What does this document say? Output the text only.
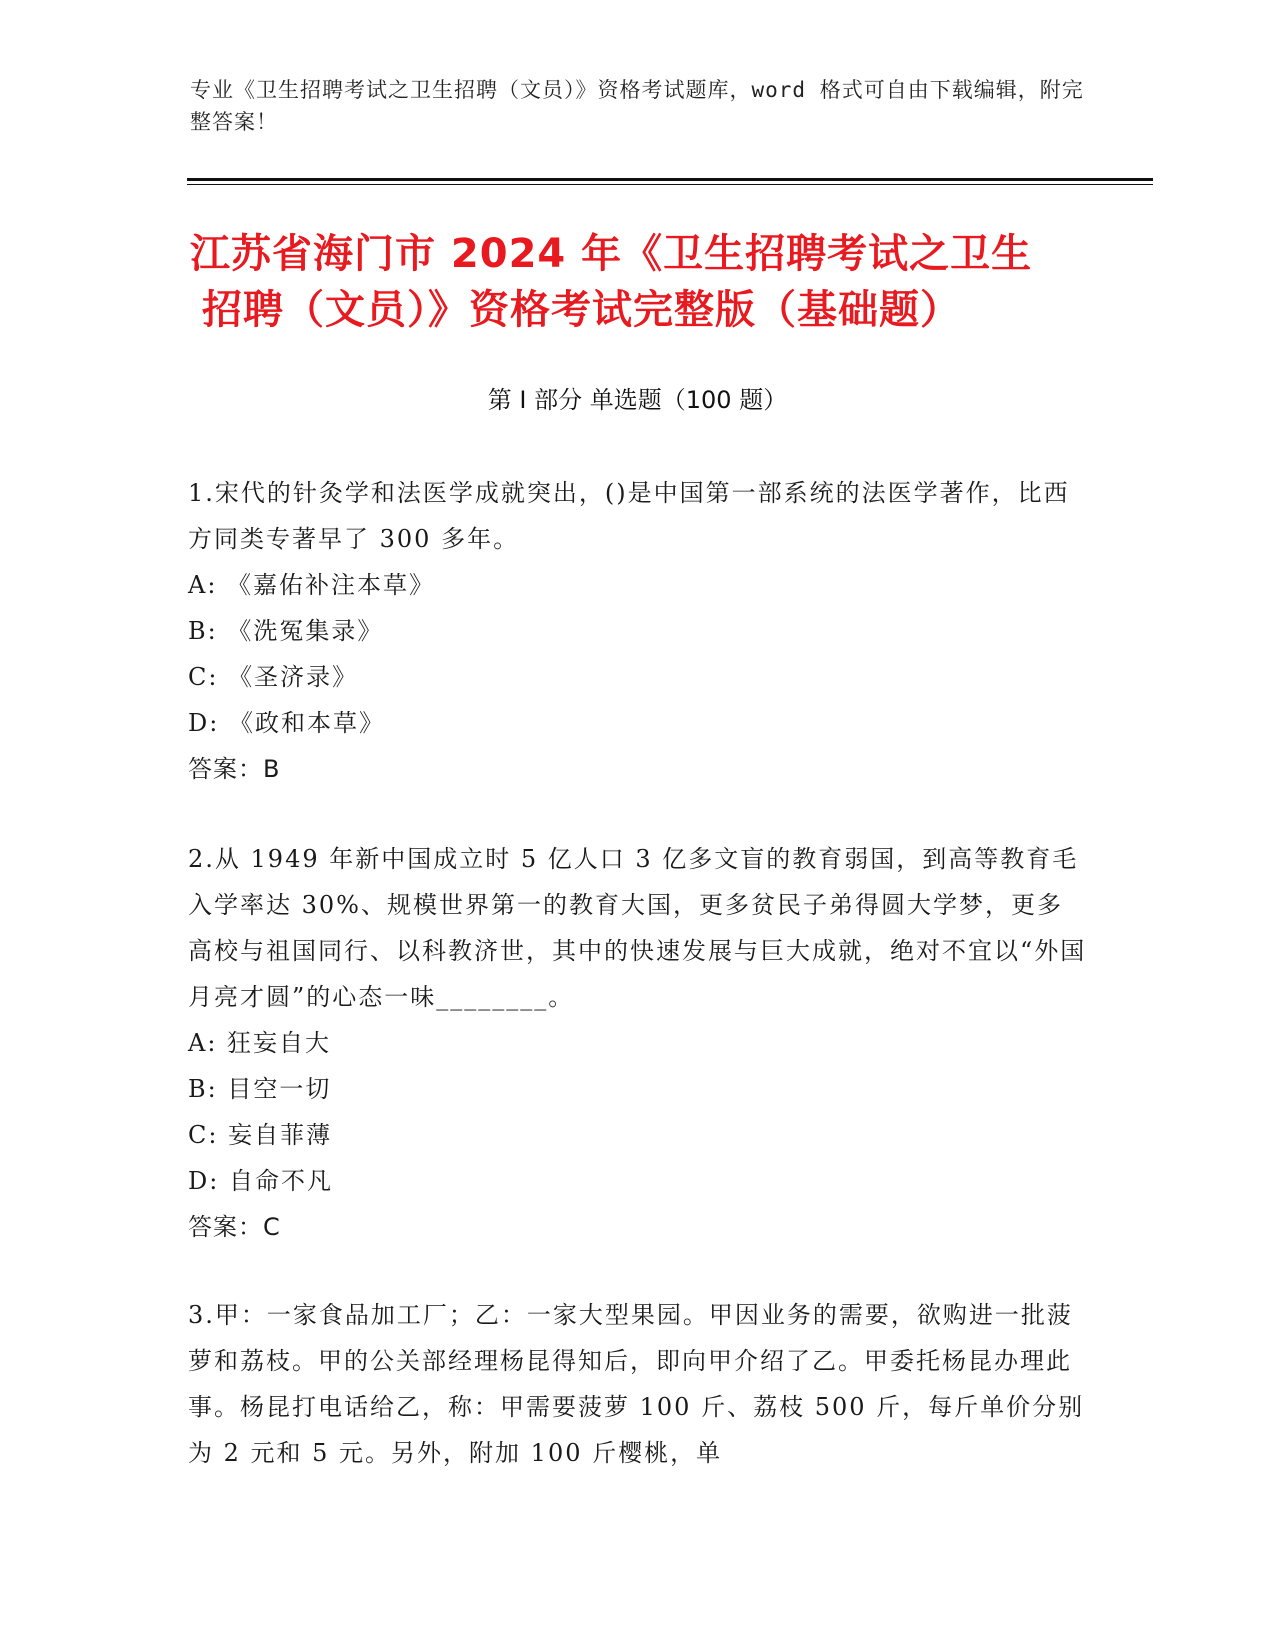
专业《卫生招聘考试之卫生招聘（文员）》资格考试题库，word 格式可自由下载编辑，附完整答案！
江苏省海门市 2024 年《卫生招聘考试之卫生
招聘（文员）》资格考试完整版（基础题）
第 I 部分 单选题（100 题）
1.宋代的针灸学和法医学成就突出，()是中国第一部系统的法医学著作，比西方同类专著早了 300 多年。
A: 《嘉佑补注本草》
B: 《洗冤集录》
C: 《圣济录》
D: 《政和本草》
答案：B
2.从 1949 年新中国成立时 5 亿人口 3 亿多文盲的教育弱国，到高等教育毛入学率达 30%、规模世界第一的教育大国，更多贫民子弟得圆大学梦，更多高校与祖国同行、以科教济世，其中的快速发展与巨大成就，绝对不宜以“外国月亮才圆”的心态一味________。
A: 狂妄自大
B: 目空一切
C: 妄自菲薄
D: 自命不凡
答案：C
3.甲：一家食品加工厂；乙：一家大型果园。甲因业务的需要，欲购进一批菠萝和荔枝。甲的公关部经理杨昆得知后，即向甲介绍了乙。甲委托杨昆办理此事。杨昆打电话给乙，称：甲需要菠萝 100 斤、荔枝 500 斤，每斤单价分别为 2 元和 5 元。另外，附加 100 斤樱桃，单
